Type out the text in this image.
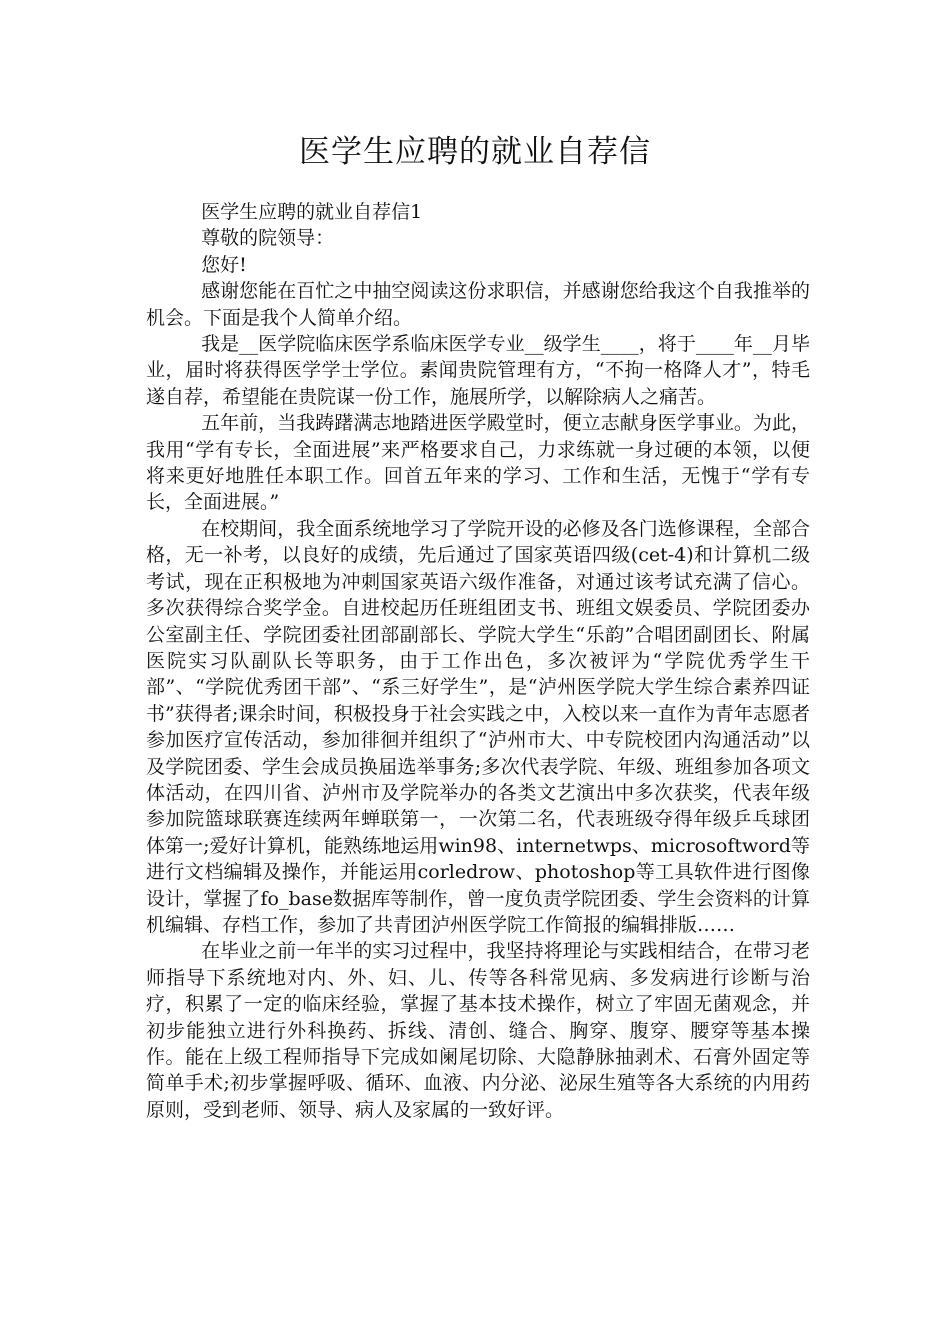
医学生应聘的就业自荐信

医学生应聘的就业自荐信1

尊敬的院领导：

您好!

感谢您能在百忙之中抽空阅读这份求职信，并感谢您给我这个自我推举的机会。下面是我个人简单介绍。

我是__医学院临床医学系临床医学专业__级学生____，将于____年__月毕业，届时将获得医学学士学位。素闻贵院管理有方，“不拘一格降人才”，特毛遂自荐，希望能在贵院谋一份工作，施展所学，以解除病人之痛苦。

五年前，当我踌躇满志地踏进医学殿堂时，便立志献身医学事业。为此，我用“学有专长，全面进展”来严格要求自己，力求练就一身过硬的本领，以便将来更好地胜任本职工作。回首五年来的学习、工作和生活，无愧于“学有专长，全面进展。”

在校期间，我全面系统地学习了学院开设的必修及各门选修课程，全部合格，无一补考，以良好的成绩，先后通过了国家英语四级(cet-4)和计算机二级考试，现在正积极地为冲刺国家英语六级作准备，对通过该考试充满了信心。多次获得综合奖学金。自进校起历任班组团支书、班组文娱委员、学院团委办公室副主任、学院团委社团部副部长、学院大学生“乐韵”合唱团副团长、附属医院实习队副队长等职务，由于工作出色，多次被评为“学院优秀学生干部”、“学院优秀团干部”、“系三好学生”，是“泸州医学院大学生综合素养四证书”获得者;课余时间，积极投身于社会实践之中，入校以来一直作为青年志愿者参加医疗宣传活动，参加徘徊并组织了“泸州市大、中专院校团内沟通活动”以及学院团委、学生会成员换届选举事务;多次代表学院、年级、班组参加各项文体活动，在四川省、泸州市及学院举办的各类文艺演出中多次获奖，代表年级参加院篮球联赛连续两年蝉联第一，一次第二名，代表班级夺得年级乒乓球团体第一;爱好计算机，能熟练地运用win98、internetwps、microsoftword等进行文档编辑及操作，并能运用corledrow、photoshop等工具软件进行图像设计，掌握了fo_base数据库等制作，曾一度负责学院团委、学生会资料的计算机编辑、存档工作，参加了共青团泸州医学院工作简报的编辑排版……

在毕业之前一年半的实习过程中，我坚持将理论与实践相结合，在带习老师指导下系统地对内、外、妇、儿、传等各科常见病、多发病进行诊断与治疗，积累了一定的临床经验，掌握了基本技术操作，树立了牢固无菌观念，并初步能独立进行外科换药、拆线、清创、缝合、胸穿、腹穿、腰穿等基本操作。能在上级工程师指导下完成如阑尾切除、大隐静脉抽剥术、石膏外固定等简单手术;初步掌握呼吸、循环、血液、内分泌、泌尿生殖等各大系统的内用药原则，受到老师、领导、病人及家属的一致好评。
